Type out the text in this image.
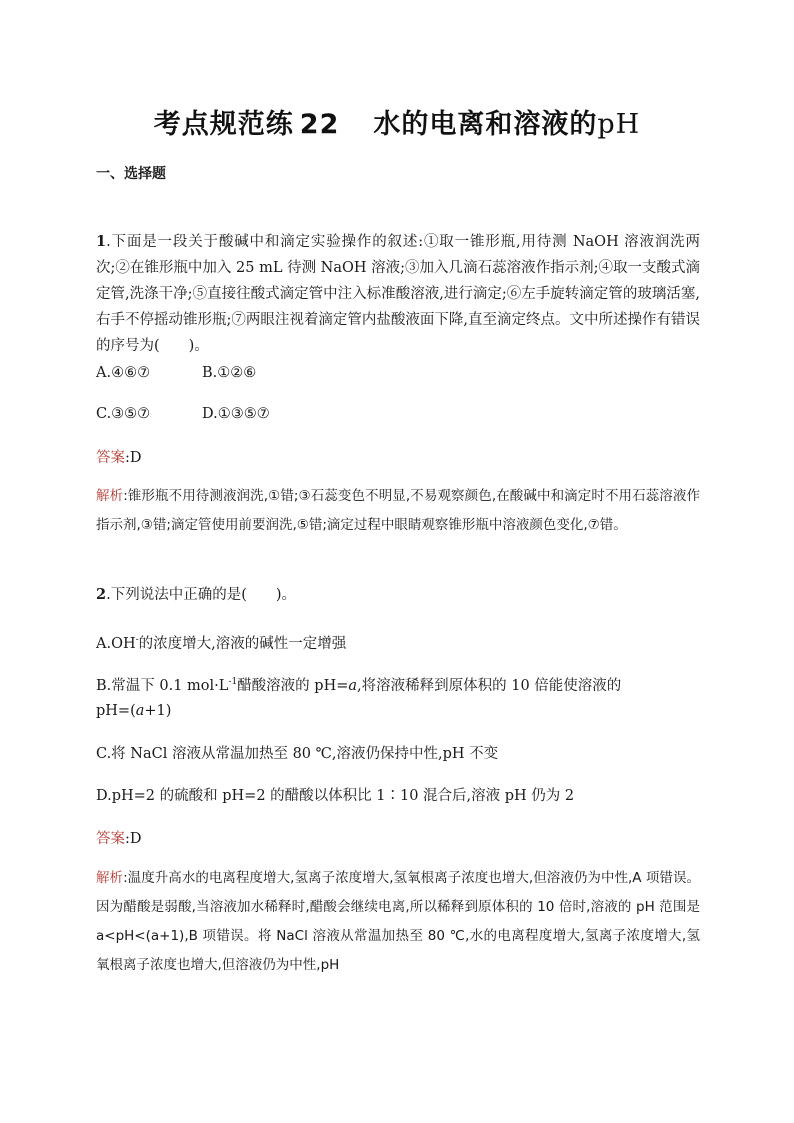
考点规范练 22 水的电离和溶液的pH
一、选择题
1.下面是一段关于酸碱中和滴定实验操作的叙述:①取一锥形瓶,用待测 NaOH 溶液润洗两次;②在锥形瓶中加入 25 mL 待测 NaOH 溶液;③加入几滴石蕊溶液作指示剂;④取一支酸式滴定管,洗涤干净;⑤直接往酸式滴定管中注入标准酸溶液,进行滴定;⑥左手旋转滴定管的玻璃活塞,右手不停摇动锥形瓶;⑦两眼注视着滴定管内盐酸液面下降,直至滴定终点。文中所述操作有错误的序号为(　　)。
A.④⑥⑦	B.①②⑥
C.③⑤⑦	D.①③⑤⑦
答案:D
解析:锥形瓶不用待测液润洗,①错;③石蕊变色不明显,不易观察颜色,在酸碱中和滴定时不用石蕊溶液作指示剂,③错;滴定管使用前要润洗,⑤错;滴定过程中眼睛观察锥形瓶中溶液颜色变化,⑦错。
2.下列说法中正确的是(　　)。
A.OH-的浓度增大,溶液的碱性一定增强
B.常温下 0.1 $mol\cdot L^{-1}$醋酸溶液的 pH=a,将溶液稀释到原体积的 10 倍能使溶液的
pH=(a+1)
C.将 NaCl 溶液从常温加热至 80 ℃,溶液仍保持中性,pH 不变
D.pH=2 的硫酸和 pH=2 的醋酸以体积比 1∶10 混合后,溶液 pH 仍为 2
答案:D
解析:温度升高水的电离程度增大,氢离子浓度增大,氢氧根离子浓度也增大,但溶液仍为中性,A 项错误。因为醋酸是弱酸,当溶液加水稀释时,醋酸会继续电离,所以稀释到原体积的 10 倍时,溶液的 pH 范围是 a<pH<(a+1),B 项错误。将 NaCl 溶液从常温加热至 80 ℃,水的电离程度增大,氢离子浓度增大,氢氧根离子浓度也增大,但溶液仍为中性,pH
